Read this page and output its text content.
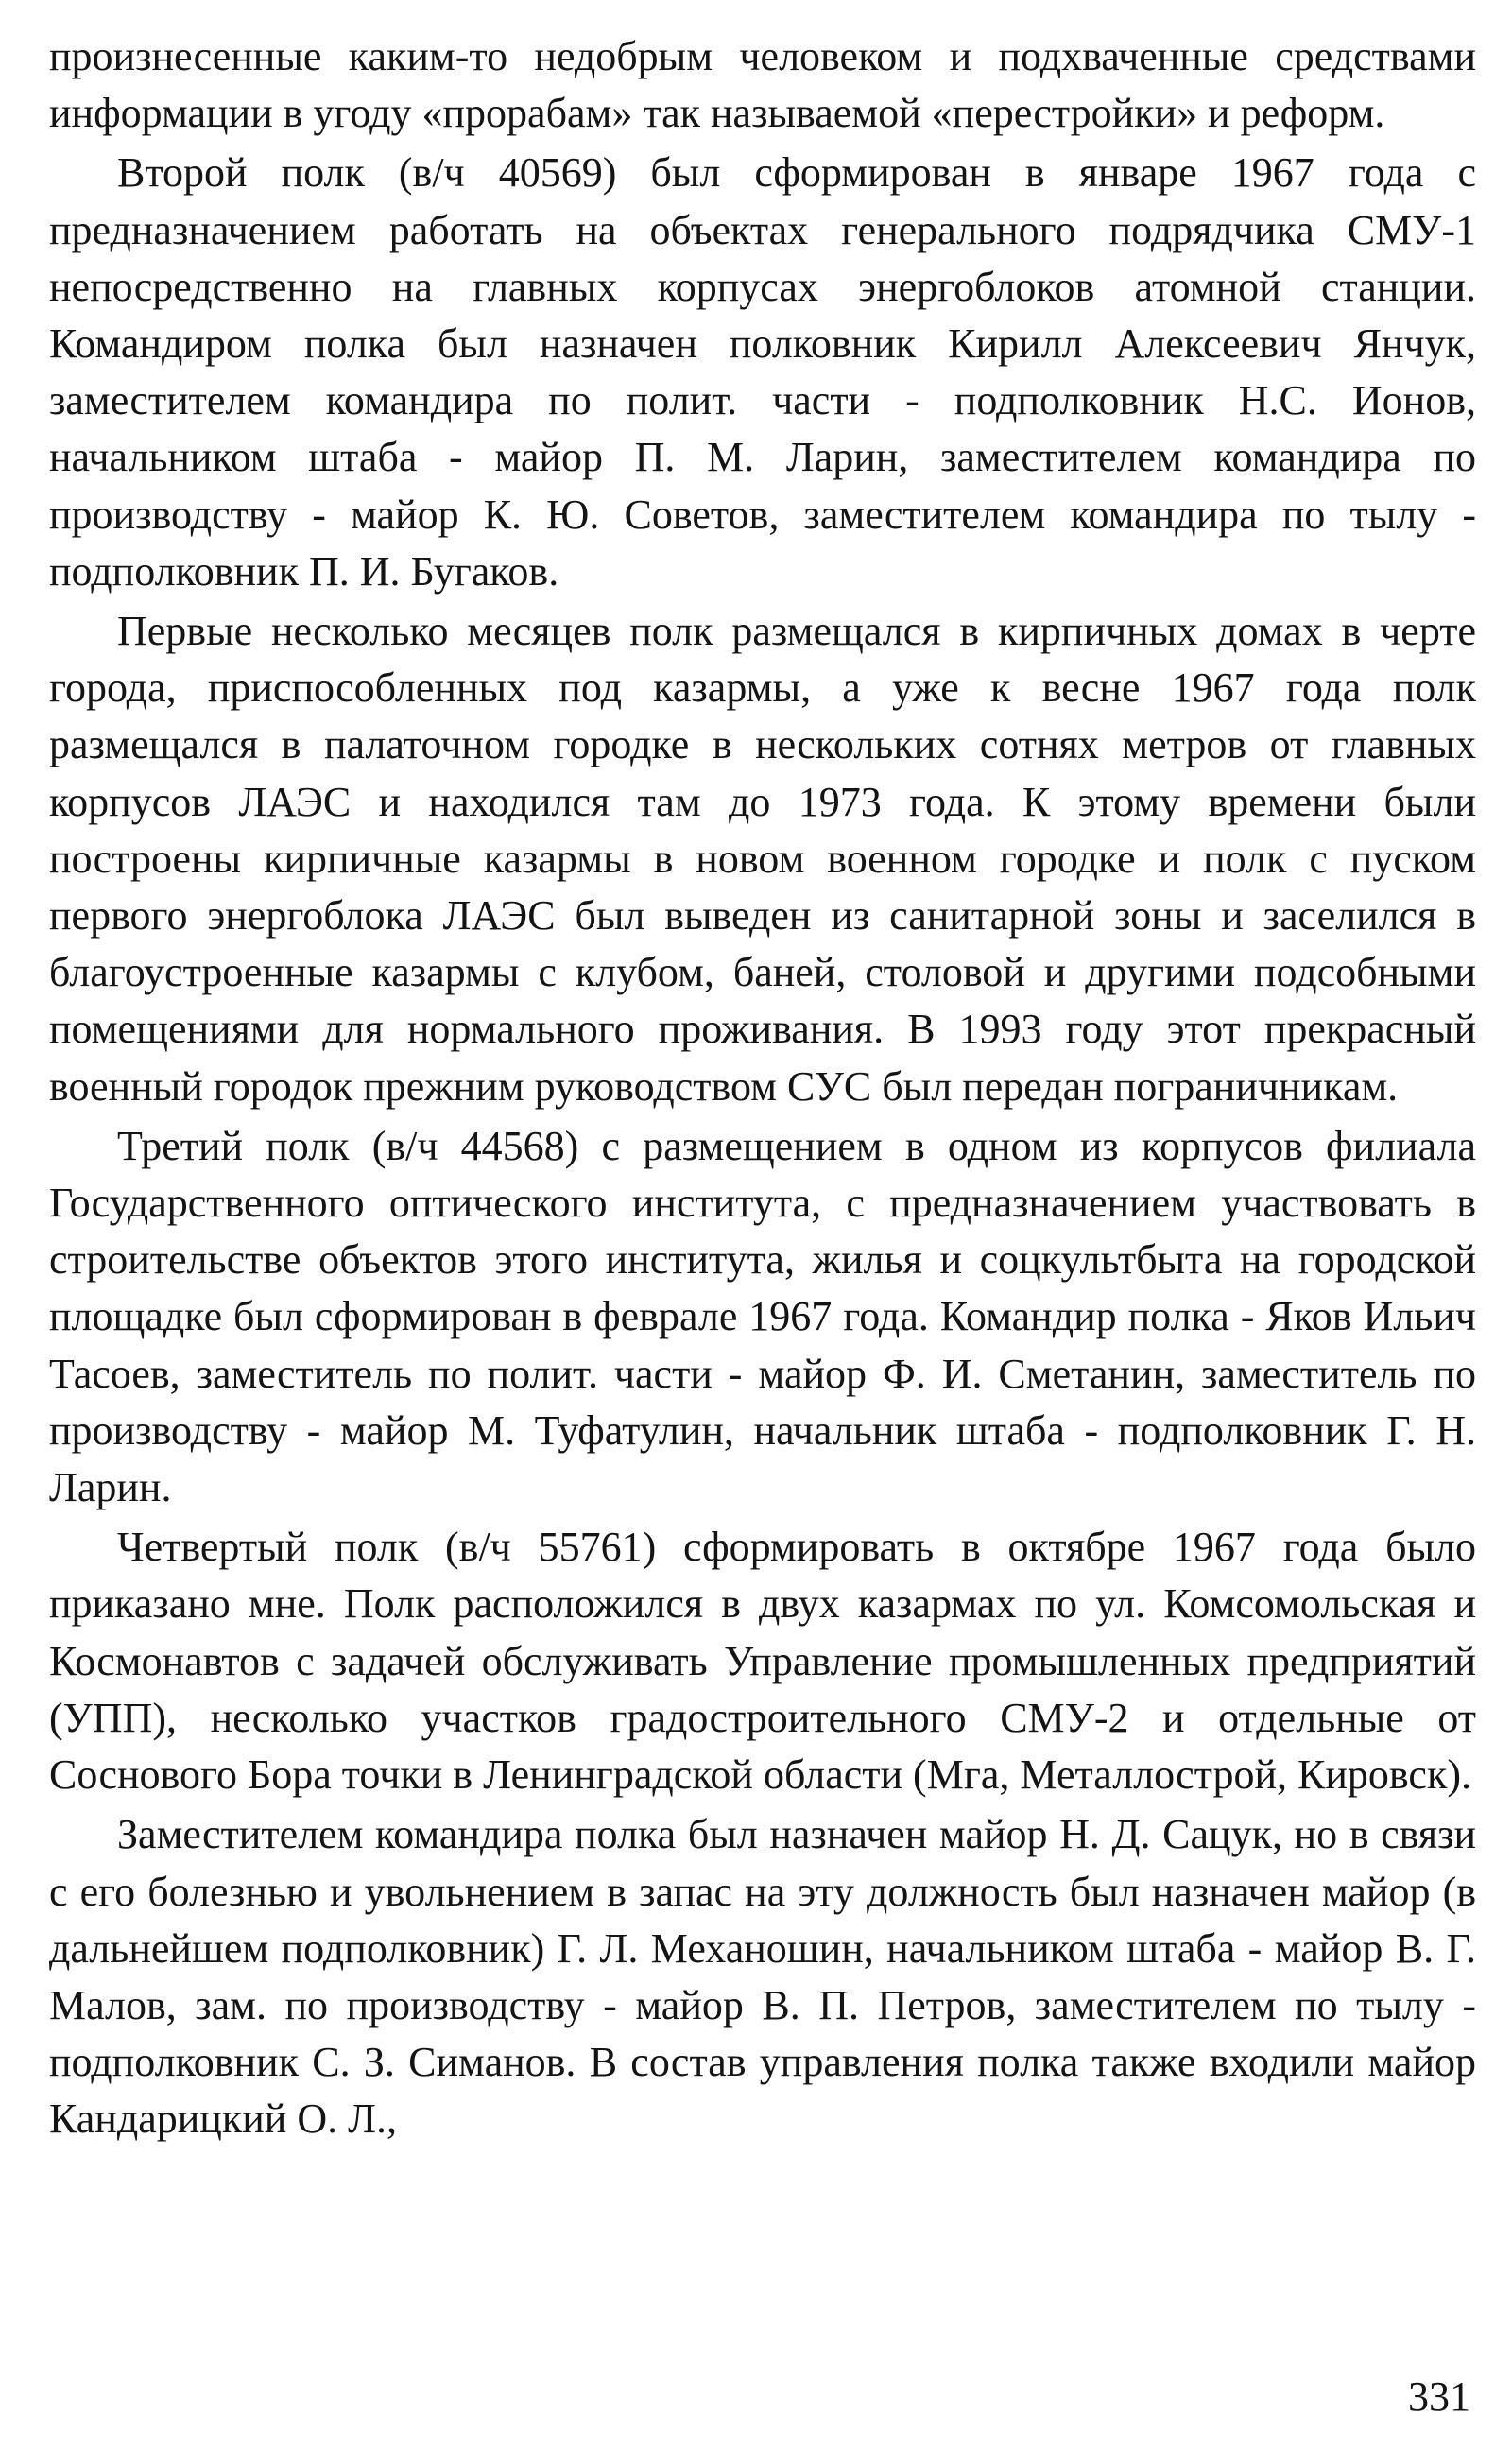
произнесенные каким-то недобрым человеком и подхваченные средствами информации в угоду «прорабам» так называемой «перестройки» и реформ.

Второй полк (в/ч 40569) был сформирован в январе 1967 года с предназначением работать на объектах генерального подрядчика СМУ-1 непосредственно на главных корпусах энергоблоков атомной станции. Командиром полка был назначен полковник Кирилл Алексеевич Янчук, заместителем командира по полит. части - подполковник Н.С. Ионов, начальником штаба - майор П. М. Ларин, заместителем командира по производству - майор К. Ю. Советов, заместителем командира по тылу - подполковник П. И. Бугаков.

Первые несколько месяцев полк размещался в кирпичных домах в черте города, приспособленных под казармы, а уже к весне 1967 года полк размещался в палаточном городке в нескольких сотнях метров от главных корпусов ЛАЭС и находился там до 1973 года. К этому времени были построены кирпичные казармы в новом военном городке и полк с пуском первого энергоблока ЛАЭС был выведен из санитарной зоны и заселился в благоустроенные казармы с клубом, баней, столовой и другими подсобными помещениями для нормального проживания. В 1993 году этот прекрасный военный городок прежним руководством СУС был передан пограничникам.

Третий полк (в/ч 44568) с размещением в одном из корпусов филиала Государственного оптического института, с предназначением участвовать в строительстве объектов этого института, жилья и соцкультбыта на городской площадке был сформирован в феврале 1967 года. Командир полка - Яков Ильич Тасоев, заместитель по полит. части - майор Ф. И. Сметанин, заместитель по производству - майор М. Туфатулин, начальник штаба - подполковник Г. Н. Ларин.

Четвертый полк (в/ч 55761) сформировать в октябре 1967 года было приказано мне. Полк расположился в двух казармах по ул. Комсомольская и Космонавтов с задачей обслуживать Управление промышленных предприятий (УПП), несколько участков градостроительного СМУ-2 и отдельные от Соснового Бора точки в Ленинградской области (Мга, Металлострой, Кировск).

Заместителем командира полка был назначен майор Н. Д. Сацук, но в связи с его болезнью и увольнением в запас на эту должность был назначен майор (в дальнейшем подполковник) Г. Л. Механошин, начальником штаба - майор В. Г. Малов, зам. по производству - майор В. П. Петров, заместителем по тылу - подполковник С. З. Симанов. В состав управления полка также входили майор Кандарицкий О. Л.,

331
